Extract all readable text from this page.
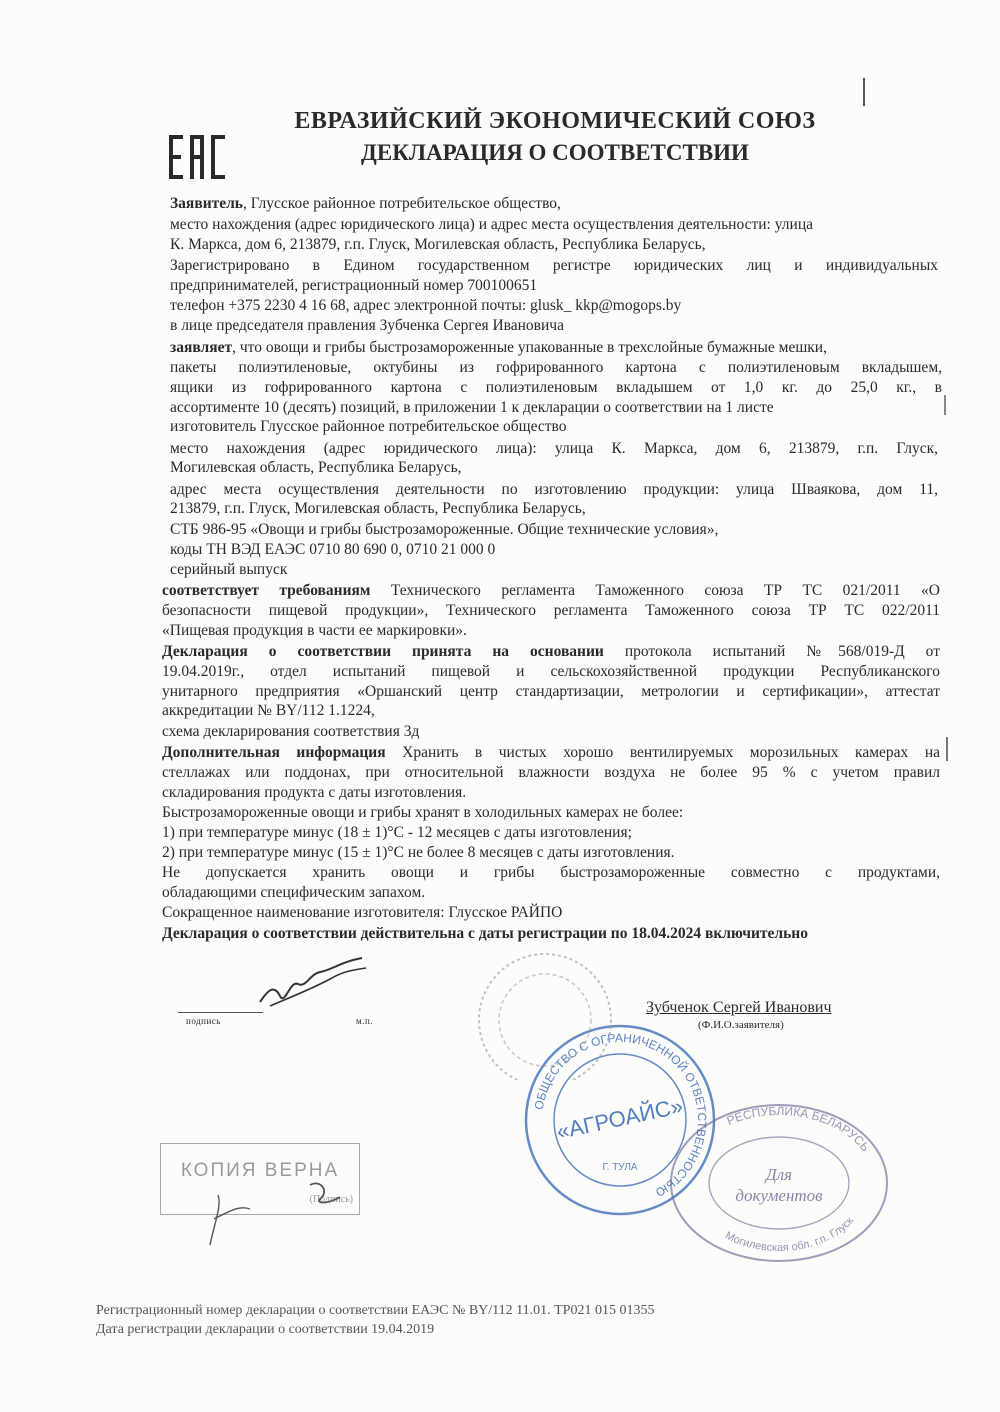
ЕВРАЗИЙСКИЙ ЭКОНОМИЧЕСКИЙ СОЮЗ
ДЕКЛАРАЦИЯ О СООТВЕТСТВИИ
Заявитель, Глусское районное потребительское общество,
место нахождения (адрес юридического лица) и адрес места осуществления деятельности: улица
К. Маркса, дом 6, 213879, г.п. Глуск, Могилевская область, Республика Беларусь,
Зарегистрировано в Едином государственном регистре юридических лиц и индивидуальных
предпринимателей, регистрационный номер 700100651
телефон +375 2230 4 16 68, адрес электронной почты: glusk_ kkp@mogops.by
в лице председателя правления Зубченка Сергея Ивановича
заявляет, что овощи и грибы быстрозамороженные упакованные в трехслойные бумажные мешки,
пакеты полиэтиленовые, октубины из гофрированного картона с полиэтиленовым вкладышем,
ящики из гофрированного картона с полиэтиленовым вкладышем от 1,0 кг. до 25,0 кг., в
ассортименте 10 (десять) позиций, в приложении 1 к декларации о соответствии на 1 листе
изготовитель Глусское районное потребительское общество
место нахождения (адрес юридического лица): улица К. Маркса, дом 6, 213879, г.п. Глуск,
Могилевская область, Республика Беларусь,
адрес места осуществления деятельности по изготовлению продукции: улица Шваякова, дом 11,
213879, г.п. Глуск, Могилевская область, Республика Беларусь,
СТБ 986-95 «Овощи и грибы быстрозамороженные. Общие технические условия»,
коды ТН ВЭД ЕАЭС 0710 80 690 0, 0710 21 000 0
серийный выпуск
соответствует требованиям Технического регламента Таможенного союза ТР ТС 021/2011 «О
безопасности пищевой продукции», Технического регламента Таможенного союза ТР ТС 022/2011
«Пищевая продукция в части ее маркировки».
Декларация о соответствии принята на основании протокола испытаний №568/019-Д от
19.04.2019г., отдел испытаний пищевой и сельскохозяйственной продукции Республиканского
унитарного предприятия «Оршанский центр стандартизации, метрологии и сертификации», аттестат
аккредитации № BY/112 1.1224,
схема декларирования соответствия 3д
Дополнительная информация Хранить в чистых хорошо вентилируемых морозильных камерах на
стеллажах или поддонах, при относительной влажности воздуха не более 95 % с учетом правил
складирования продукта с даты изготовления.
Быстрозамороженные овощи и грибы хранят в холодильных камерах не более:
1) при температуре минус (18 ± 1)°С - 12 месяцев с даты изготовления;
2) при температуре минус (15 ± 1)°С не более 8 месяцев с даты изготовления.
Не допускается хранить овощи и грибы быстрозамороженные совместно с продуктами,
обладающими специфическим запахом.
Сокращенное наименование изготовителя: Глусское РАЙПО
Декларация о соответствии действительна с даты регистрации по 18.04.2024 включительно
подпись	м.п.
Зубченок Сергей Иванович
(Ф.И.О.заявителя)
ОБЩЕСТВО С ОГРАНИЧЕННОЙ ОТВЕТСТВЕННОСТЬЮ
«АГРОАЙС»
Г. ТУЛА
РЕСПУБЛИКА БЕЛАРУСЬ
Могилевская обл. г.п. Глуск
Для
документов
КОПИЯ ВЕРНА
(Подпись)
Регистрационный номер декларации о соответствии ЕАЭС № BY/112 11.01. ТР021 015 01355
Дата регистрации декларации о соответствии 19.04.2019
